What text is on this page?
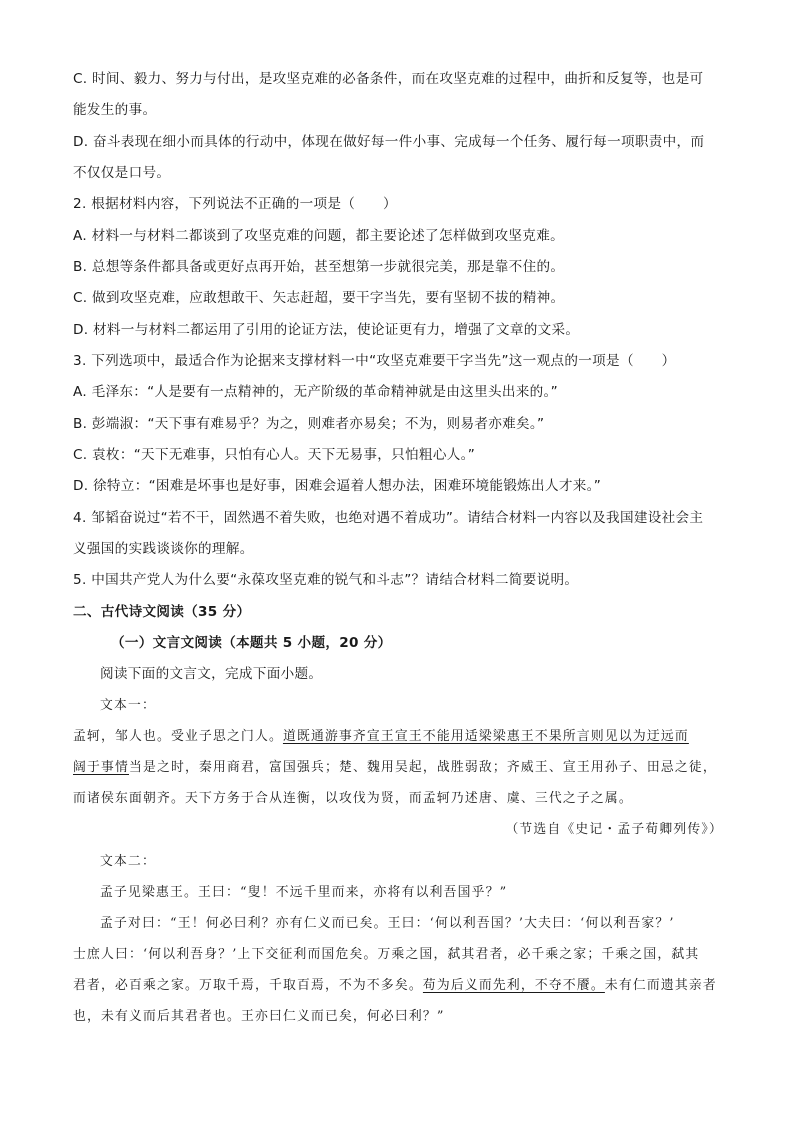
C. 时间、毅力、努力与付出，是攻坚克难的必备条件，而在攻坚克难的过程中，曲折和反复等，也是可
能发生的事。
D. 奋斗表现在细小而具体的行动中，体现在做好每一件小事、完成每一个任务、履行每一项职责中，而
不仅仅是口号。
2. 根据材料内容，下列说法不正确的一项是（　　）
A. 材料一与材料二都谈到了攻坚克难的问题，都主要论述了怎样做到攻坚克难。
B. 总想等条件都具备或更好点再开始，甚至想第一步就很完美，那是靠不住的。
C. 做到攻坚克难，应敢想敢干、矢志赶超，要干字当先，要有坚韧不拔的精神。
D. 材料一与材料二都运用了引用的论证方法，使论证更有力，增强了文章的文采。
3. 下列选项中，最适合作为论据来支撑材料一中“攻坚克难要干字当先”这一观点的一项是（　　）
A. 毛泽东：“人是要有一点精神的，无产阶级的革命精神就是由这里头出来的。”
B. 彭端淑：“天下事有难易乎？为之，则难者亦易矣；不为，则易者亦难矣。”
C. 袁枚：“天下无难事，只怕有心人。天下无易事，只怕粗心人。”
D. 徐特立：“困难是坏事也是好事，困难会逼着人想办法，困难环境能锻炼出人才来。”
4. 邹韬奋说过“若不干，固然遇不着失败，也绝对遇不着成功”。请结合材料一内容以及我国建设社会主
义强国的实践谈谈你的理解。
5. 中国共产党人为什么要“永葆攻坚克难的锐气和斗志”？请结合材料二简要说明。
二、古代诗文阅读（35 分）
（一）文言文阅读（本题共 5 小题，20 分）
阅读下面的文言文，完成下面小题。
文本一：
孟轲，邹人也。受业子思之门人。道既通游事齐宣王宣王不能用适梁梁惠王不果所言则见以为迂远而
阔于事情当是之时，秦用商君，富国强兵；楚、魏用吴起，战胜弱敌；齐威王、宣王用孙子、田忌之徒，
而诸侯东面朝齐。天下方务于合从连衡，以攻伐为贤，而孟轲乃述唐、虞、三代之子之属。
（节选自《史记・孟子荀卿列传》）
文本二：
孟子见梁惠王。王曰：“叟！不远千里而来，亦将有以利吾国乎？”
孟子对曰：“王！何必曰利？亦有仁义而已矣。王曰：‘何以利吾国？’大夫曰：‘何以利吾家？’
士庶人曰：‘何以利吾身？’上下交征利而国危矣。万乘之国，弑其君者，必千乘之家；千乘之国，弑其
君者，必百乘之家。万取千焉，千取百焉，不为不多矣。苟为后义而先利，不夺不餍。未有仁而遗其亲者
也，未有义而后其君者也。王亦曰仁义而已矣，何必曰利？”
